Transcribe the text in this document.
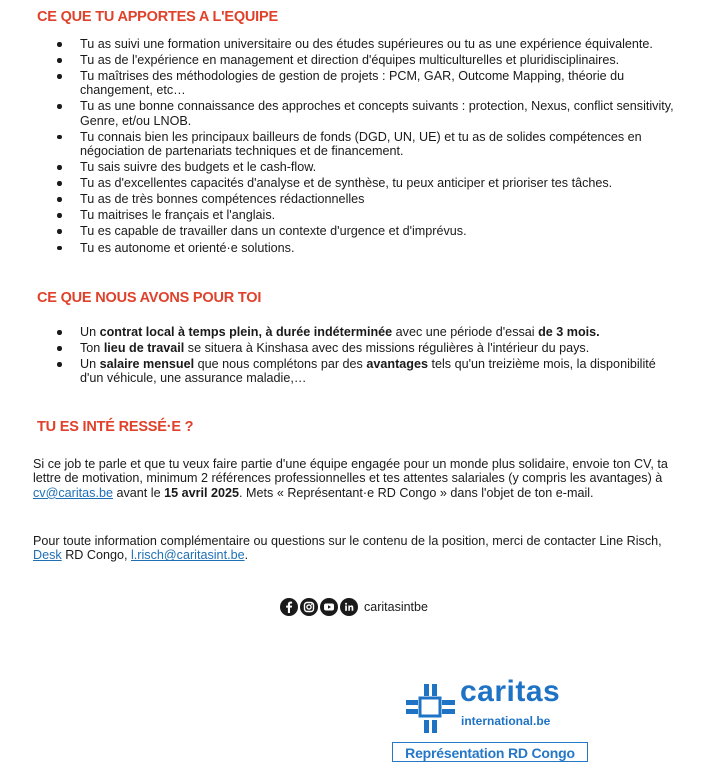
CE QUE TU APPORTES A L'EQUIPE
Tu as suivi une formation universitaire ou des études supérieures ou tu as une expérience équivalente.
Tu as de l'expérience en management et direction d'équipes multiculturelles et pluridisciplinaires.
Tu maîtrises des méthodologies de gestion de projets : PCM, GAR, Outcome Mapping, théorie du changement, etc…
Tu as une bonne connaissance des approches et concepts suivants : protection, Nexus, conflict sensitivity, Genre, et/ou LNOB.
Tu connais bien les principaux bailleurs de fonds (DGD, UN, UE) et tu as de solides compétences en négociation de partenariats techniques et de financement.
Tu sais suivre des budgets et le cash-flow.
Tu as d'excellentes capacités d'analyse et de synthèse, tu peux anticiper et prioriser tes tâches.
Tu as de très bonnes compétences rédactionnelles
Tu maitrises le français et l'anglais.
Tu es capable de travailler dans un contexte d'urgence et d'imprévus.
Tu es autonome et orienté·e solutions.
CE QUE NOUS AVONS POUR TOI
Un contrat local à temps plein, à durée indéterminée avec une période d'essai de 3 mois.
Ton lieu de travail se situera à Kinshasa avec des missions régulières à l'intérieur du pays.
Un salaire mensuel que nous complétons par des avantages tels qu'un treizième mois, la disponibilité d'un véhicule, une assurance maladie,…
TU ES INTÉ RESSÉ·E ?

Si ce job te parle et que tu veux faire partie d'une équipe engagée pour un monde plus solidaire, envoie ton CV, ta lettre de motivation, minimum 2 références professionnelles et tes attentes salariales (y compris les avantages) à cv@caritas.be avant le 15 avril 2025. Mets « Représentant·e RD Congo » dans l'objet de ton e-mail.

Pour toute information complémentaire ou questions sur le contenu de la position, merci de contacter Line Risch, Desk RD Congo, l.risch@caritasint.be.

caritasintbe
caritas
international.be
Représentation RD Congo
